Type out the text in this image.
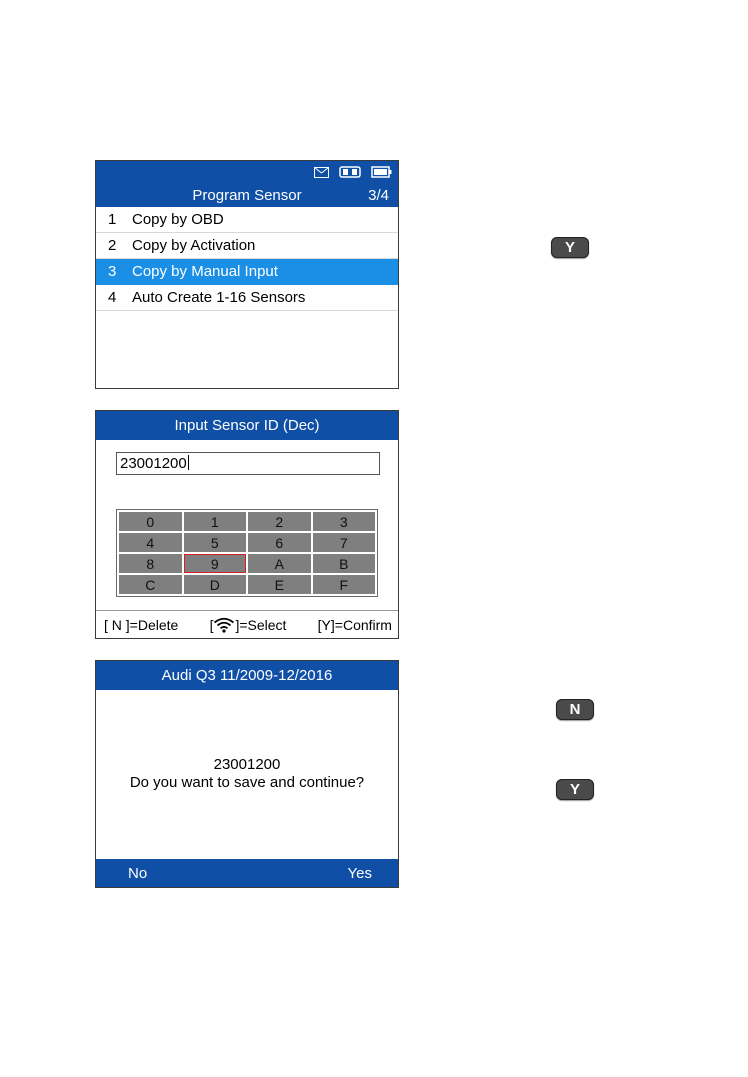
Program Sensor	3/4
1	Copy by OBD
2	Copy by Activation
3	Copy by Manual Input
4	Auto Create 1-16 Sensors
Y
Input Sensor ID (Dec)
23001200
0	1	2	3
4	5	6	7
8	9	A	B
C	D	E	F
[ N ]=Delete [ ]=Select [Y]=Confirm
Audi Q3 11/2009-12/2016
23001200
Do you want to save and continue?
No	Yes
N
Y
